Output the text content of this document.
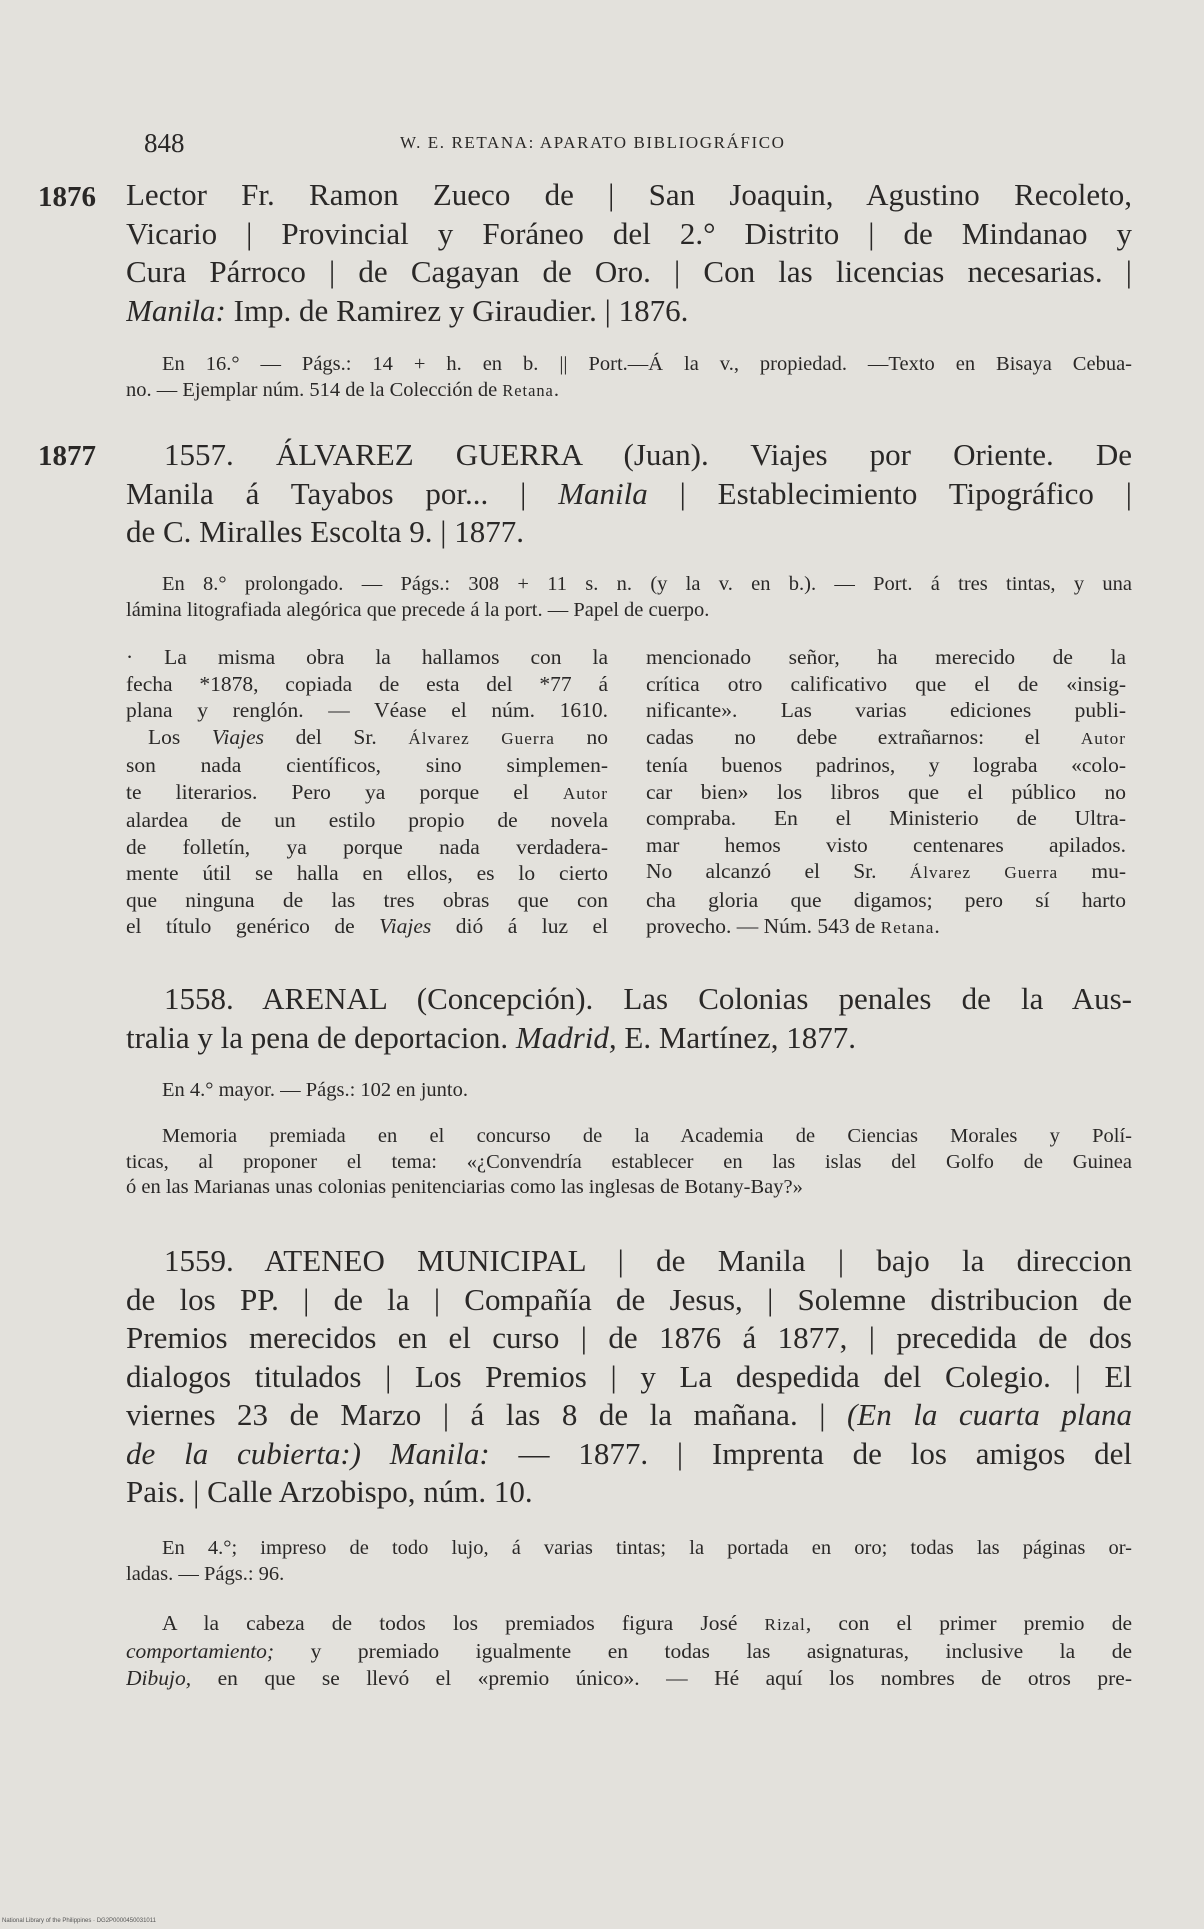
848	W. E. RETANA: APARATO BIBLIOGRÁFICO
1876 Lector Fr. Ramon Zueco de | San Joaquin, Agustino Recoleto,
Vicario | Provincial y Foráneo del 2.° Distrito | de Mindanao y
Cura Párroco | de Cagayan de Oro. | Con las licencias necesarias. |
Manila: Imp. de Ramirez y Giraudier. | 1876.
En 16.° — Págs.: 14 + h. en b. || Port.—Á la v., propiedad. —Texto en Bisaya Cebua-
no. — Ejemplar núm. 514 de la Colección de Retana.
1877	1557. ÁLVAREZ GUERRA (Juan). Viajes por Oriente. De
Manila á Tayabos por... | Manila | Establecimiento Tipográfico |
de C. Miralles Escolta 9. | 1877.
En 8.° prolongado. — Págs.: 308 + 11 s. n. (y la v. en b.). — Port. á tres tintas, y una
lámina litografiada alegórica que precede á la port. — Papel de cuerpo.
· La misma obra la hallamos con la
fecha *1878, copiada de esta del *77 á
plana y renglón. — Véase el núm. 1610.
Los Viajes del Sr. Álvarez Guerra no
son nada científicos, sino simplemen-
te literarios. Pero ya porque el Autor
alardea de un estilo propio de novela
de folletín, ya porque nada verdadera-
mente útil se halla en ellos, es lo cierto
que ninguna de las tres obras que con
el título genérico de Viajes dió á luz el
mencionado señor, ha merecido de la
crítica otro calificativo que el de «insig-
nificante». Las varias ediciones publi-
cadas no debe extrañarnos: el Autor
tenía buenos padrinos, y lograba «colo-
car bien» los libros que el público no
compraba. En el Ministerio de Ultra-
mar hemos visto centenares apilados.
No alcanzó el Sr. Álvarez Guerra mu-
cha gloria que digamos; pero sí harto
provecho. — Núm. 543 de Retana.
1558. ARENAL (Concepción). Las Colonias penales de la Aus-
tralia y la pena de deportacion. Madrid, E. Martínez, 1877.
En 4.° mayor. — Págs.: 102 en junto.
Memoria premiada en el concurso de la Academia de Ciencias Morales y Polí-
ticas, al proponer el tema: «¿Convendría establecer en las islas del Golfo de Guinea
ó en las Marianas unas colonias penitenciarias como las inglesas de Botany-Bay?»
1559. ATENEO MUNICIPAL | de Manila | bajo la direccion
de los PP. | de la | Compañía de Jesus, | Solemne distribucion de
Premios merecidos en el curso | de 1876 á 1877, | precedida de dos
dialogos titulados | Los Premios | y La despedida del Colegio. | El
viernes 23 de Marzo | á las 8 de la mañana. | (En la cuarta plana
de la cubierta:) Manila: — 1877. | Imprenta de los amigos del
Pais. | Calle Arzobispo, núm. 10.
En 4.°; impreso de todo lujo, á varias tintas; la portada en oro; todas las páginas or-
ladas. — Págs.: 96.
A la cabeza de todos los premiados figura José Rizal, con el primer premio de
comportamiento; y premiado igualmente en todas las asignaturas, inclusive la de
Dibujo, en que se llevó el «premio único». — Hé aquí los nombres de otros pre-
National Library of the Philippines · DG2P0000450031011
